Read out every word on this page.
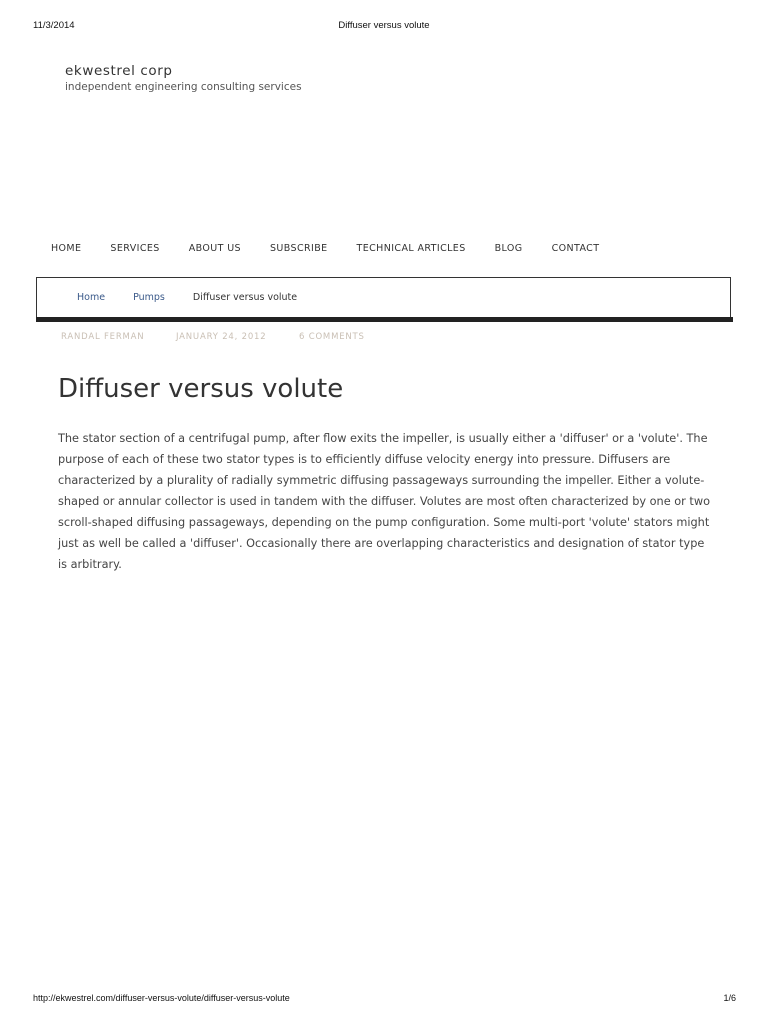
11/3/2014	Diffuser versus volute
ekwestrel corp
independent engineering consulting services
HOME	SERVICES	ABOUT US	SUBSCRIBE	TECHNICAL ARTICLES	BLOG	CONTACT
Home	Pumps	Diffuser versus volute
RANDAL FERMAN	JANUARY 24, 2012	6 COMMENTS
Diffuser versus volute

The stator section of a centrifugal pump, after flow exits the impeller, is usually either a 'diffuser' or a 'volute'. The purpose of each of these two stator types is to efficiently diffuse velocity energy into pressure. Diffusers are characterized by a plurality of radially symmetric diffusing passageways surrounding the impeller. Either a volute-shaped or annular collector is used in tandem with the diffuser. Volutes are most often characterized by one or two scroll-shaped diffusing passageways, depending on the pump configuration. Some multi-port 'volute' stators might just as well be called a 'diffuser'. Occasionally there are overlapping characteristics and designation of stator type is arbitrary.

http://ekwestrel.com/diffuser-versus-volute/diffuser-versus-volute	1/6
